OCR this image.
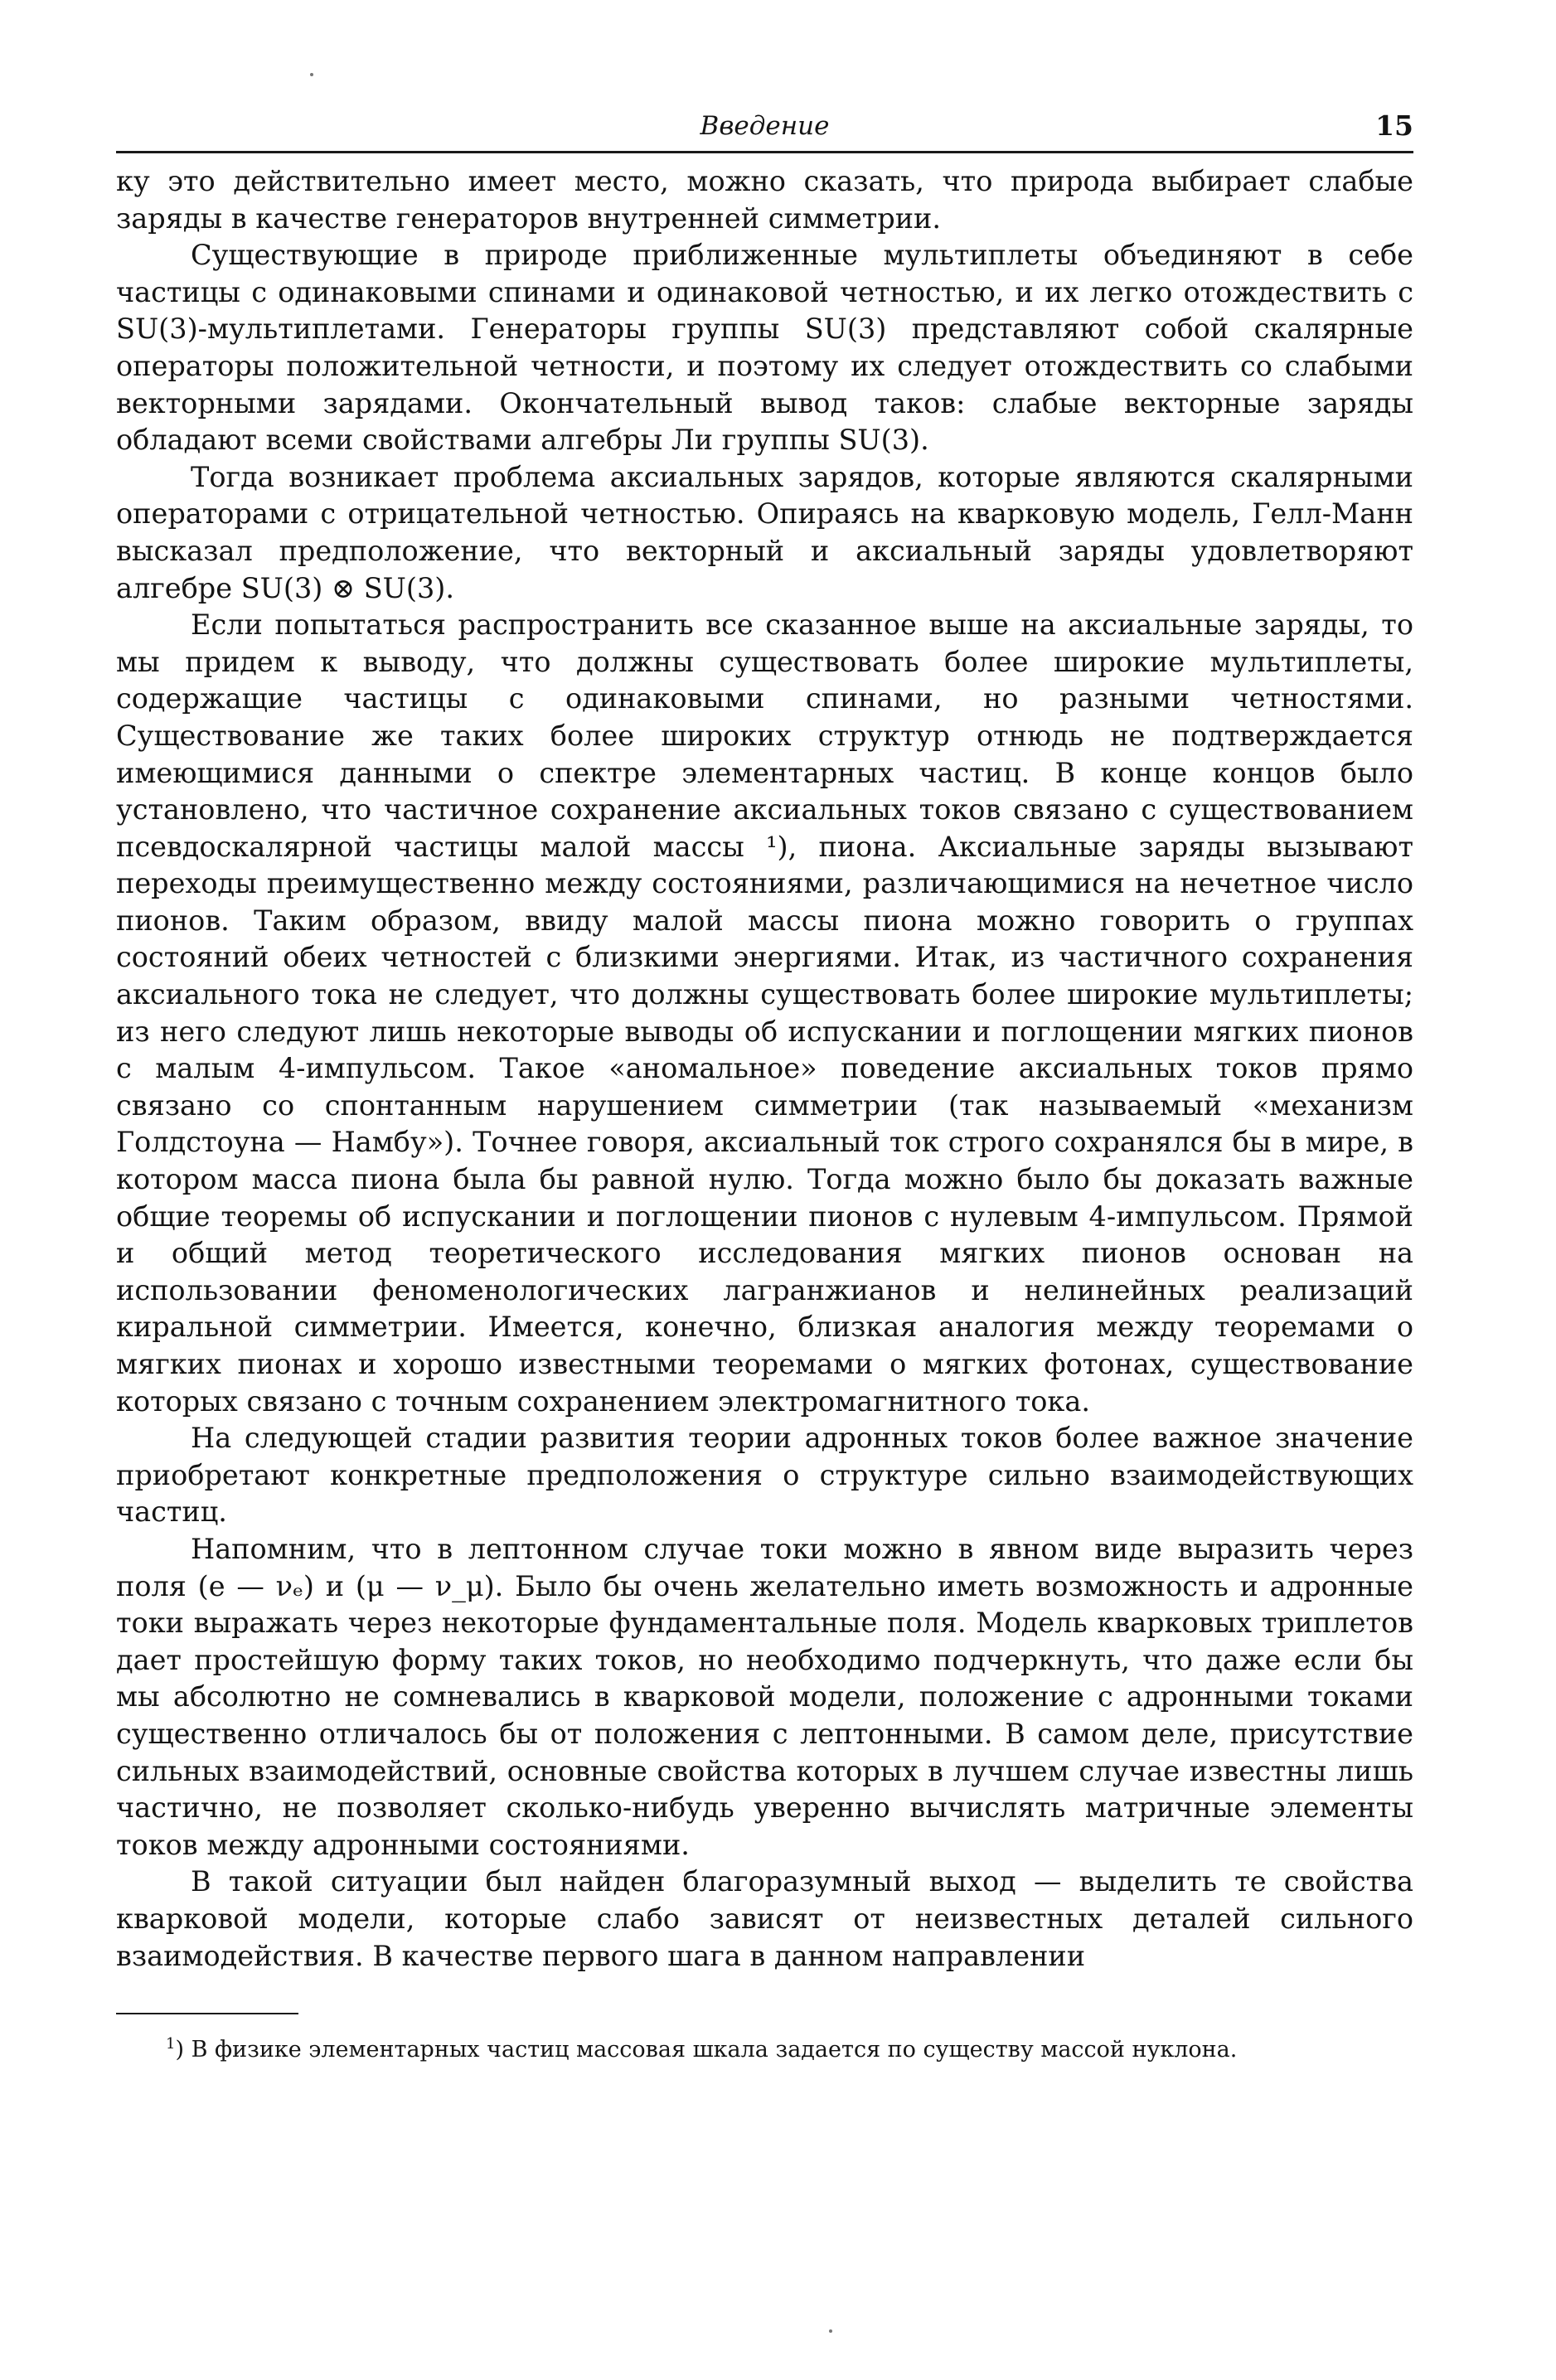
Введение	15

ку это действительно имеет место, можно сказать, что природа выбирает слабые заряды в качестве генераторов внутренней симметрии.

Существующие в природе приближенные мультиплеты объединяют в себе частицы с одинаковыми спинами и одинаковой четностью, и их легко отождествить с SU(3)-мультиплетами. Генераторы группы SU(3) представляют собой скалярные операторы положительной четности, и поэтому их следует отождествить со слабыми векторными зарядами. Окончательный вывод таков: слабые векторные заряды обладают всеми свойствами алгебры Ли группы SU(3).

Тогда возникает проблема аксиальных зарядов, которые являются скалярными операторами с отрицательной четностью. Опираясь на кварковую модель, Гелл-Манн высказал предположение, что векторный и аксиальный заряды удовлетворяют алгебре SU(3) ⊗ SU(3).

Если попытаться распространить все сказанное выше на аксиальные заряды, то мы придем к выводу, что должны существовать более широкие мультиплеты, содержащие частицы с одинаковыми спинами, но разными четностями. Существование же таких более широких структур отнюдь не подтверждается имеющимися данными о спектре элементарных частиц. В конце концов было установлено, что частичное сохранение аксиальных токов связано с существованием псевдоскалярной частицы малой массы ¹), пиона. Аксиальные заряды вызывают переходы преимущественно между состояниями, различающимися на нечетное число пионов. Таким образом, ввиду малой массы пиона можно говорить о группах состояний обеих четностей с близкими энергиями. Итак, из частичного сохранения аксиального тока не следует, что должны существовать более широкие мультиплеты; из него следуют лишь некоторые выводы об испускании и поглощении мягких пионов с малым 4-импульсом. Такое «аномальное» поведение аксиальных токов прямо связано со спонтанным нарушением симметрии (так называемый «механизм Голдстоуна — Намбу»). Точнее говоря, аксиальный ток строго сохранялся бы в мире, в котором масса пиона была бы равной нулю. Тогда можно было бы доказать важные общие теоремы об испускании и поглощении пионов с нулевым 4-импульсом. Прямой и общий метод теоретического исследования мягких пионов основан на использовании феноменологических лагранжианов и нелинейных реализаций киральной симметрии. Имеется, конечно, близкая аналогия между теоремами о мягких пионах и хорошо известными теоремами о мягких фотонах, существование которых связано с точным сохранением электромагнитного тока.

На следующей стадии развития теории адронных токов более важное значение приобретают конкретные предположения о структуре сильно взаимодействующих частиц.

Напомним, что в лептонном случае токи можно в явном виде выразить через поля (e — νₑ) и (μ — ν_μ). Было бы очень желательно иметь возможность и адронные токи выражать через некоторые фундаментальные поля. Модель кварковых триплетов дает простейшую форму таких токов, но необходимо подчеркнуть, что даже если бы мы абсолютно не сомневались в кварковой модели, положение с адронными токами существенно отличалось бы от положения с лептонными. В самом деле, присутствие сильных взаимодействий, основные свойства которых в лучшем случае известны лишь частично, не позволяет сколько-нибудь уверенно вычислять матричные элементы токов между адронными состояниями.

В такой ситуации был найден благоразумный выход — выделить те свойства кварковой модели, которые слабо зависят от неизвестных деталей сильного взаимодействия. В качестве первого шага в данном направлении

$^1$) В физике элементарных частиц массовая шкала задается по существу массой нуклона.
